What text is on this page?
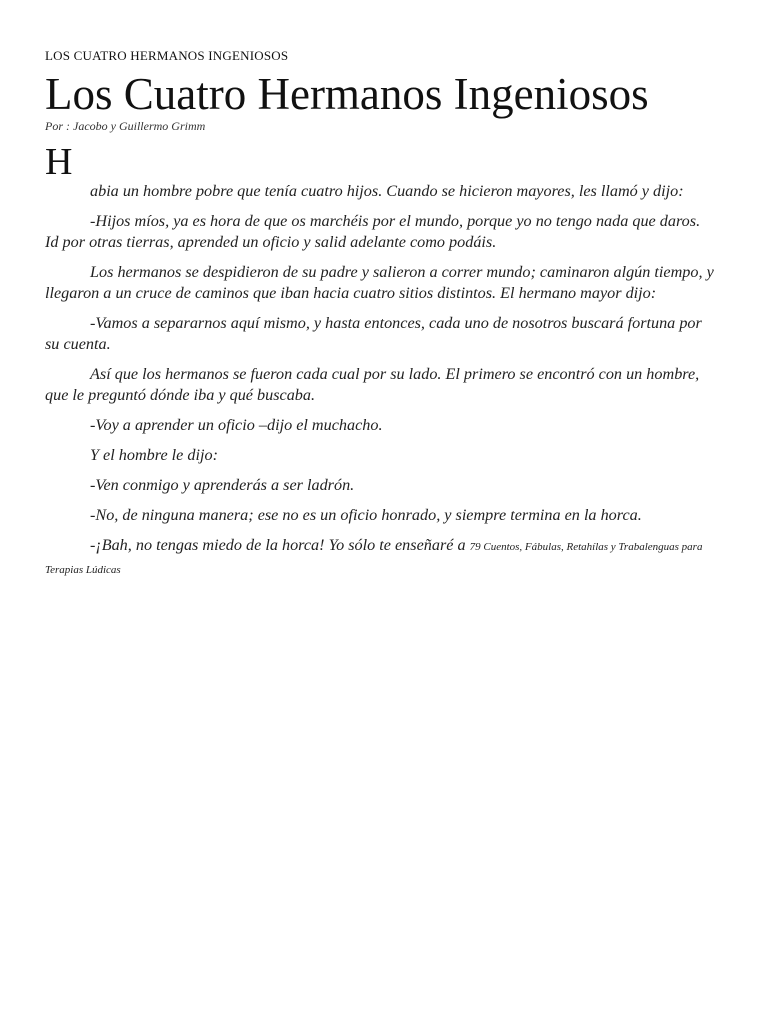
LOS CUATRO HERMANOS INGENIOSOS
Los Cuatro Hermanos Ingeniosos
Por : Jacobo y Guillermo Grimm
H

abia un hombre pobre que tenía cuatro hijos. Cuando se hicieron mayores, les llamó y dijo:

-Hijos míos, ya es hora de que os marchéis por el mundo, porque yo no tengo nada que daros. Id por otras tierras, aprended un oficio y salid adelante como podáis.

Los hermanos se despidieron de su padre y salieron a correr mundo; caminaron algún tiempo, y llegaron a un cruce de caminos que iban hacia cuatro sitios distintos. El hermano mayor dijo:

-Vamos a separarnos aquí mismo, y hasta entonces, cada uno de nosotros buscará fortuna por su cuenta.

Así que los hermanos se fueron cada cual por su lado. El primero se encontró con un hombre, que le preguntó dónde iba y qué buscaba.

-Voy a aprender un oficio –dijo el muchacho.

Y el hombre le dijo:

-Ven conmigo y aprenderás a ser ladrón.

-No, de ninguna manera; ese no es un oficio honrado, y siempre termina en la horca.

-¡Bah, no tengas miedo de la horca! Yo sólo te enseñaré a 79 Cuentos, Fábulas, Retahílas y Trabalenguas para Terapias Lúdicas
